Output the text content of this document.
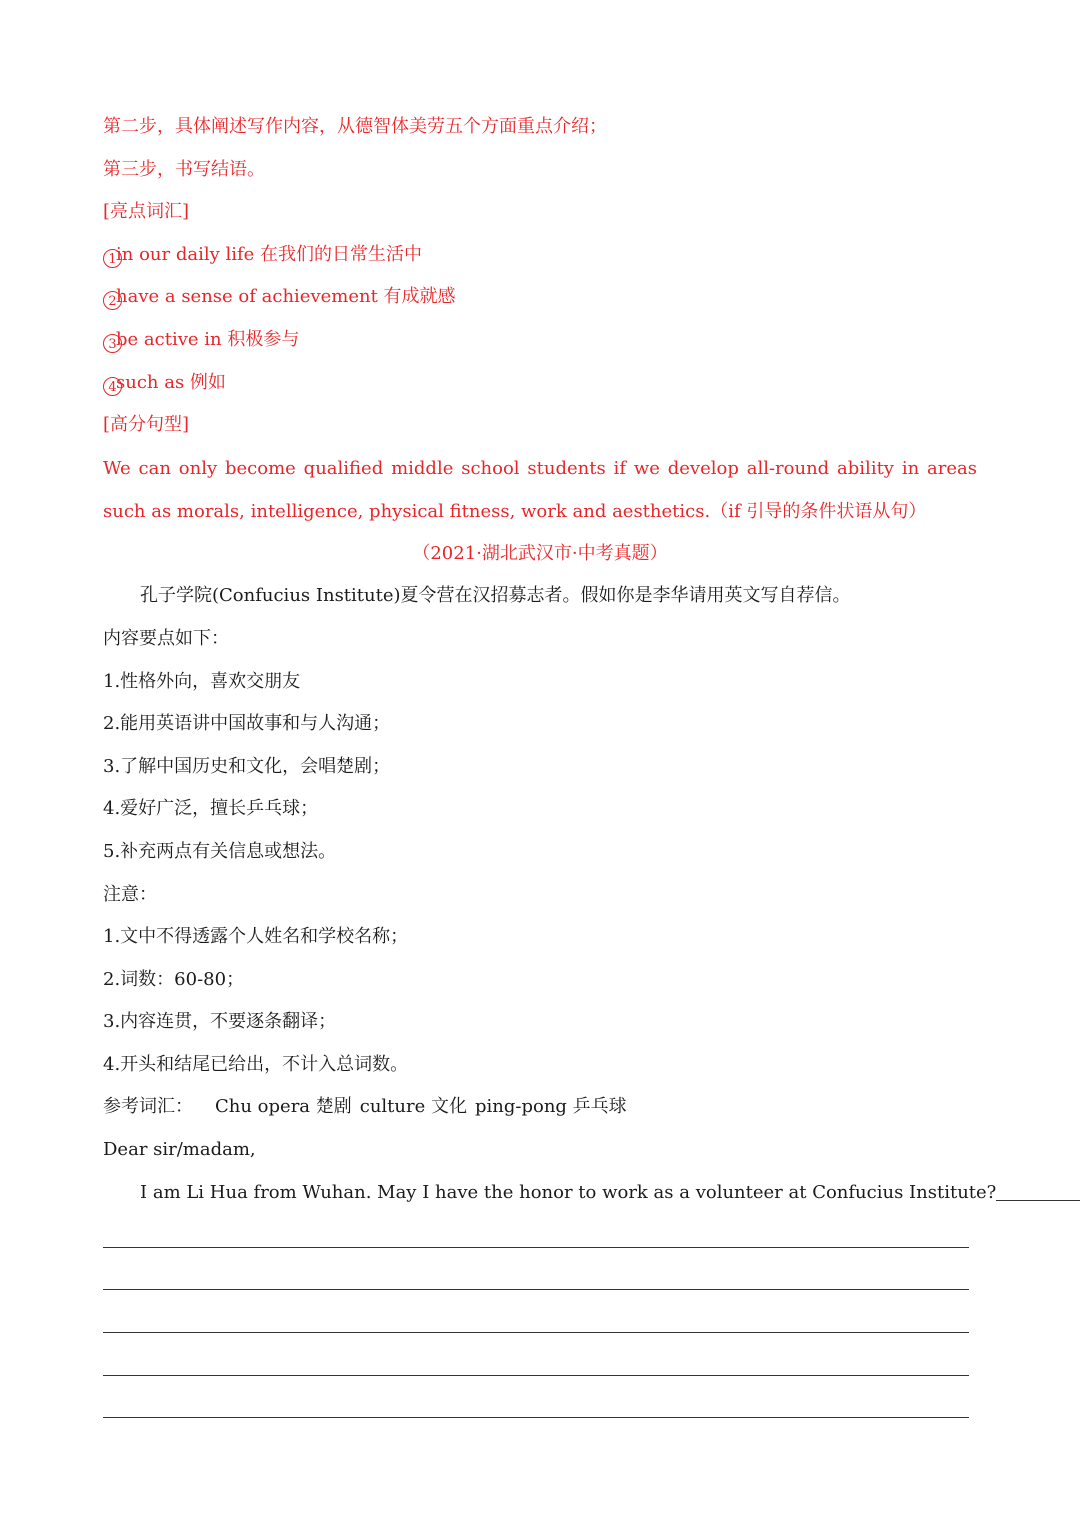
第二步，具体阐述写作内容，从德智体美劳五个方面重点介绍；
第三步，书写结语。
[亮点词汇]
1in our daily life 在我们的日常生活中
2have a sense of achievement 有成就感
3be active in 积极参与
4such as 例如
[高分句型]
We can only become qualified middle school students if we develop all-round ability in areas such as morals, intelligence, physical fitness, work and aesthetics.（if 引导的条件状语从句）
（2021·湖北武汉市·中考真题）
孔子学院(Confucius Institute)夏令营在汉招募志者。假如你是李华请用英文写自荐信。
内容要点如下：
1.性格外向，喜欢交朋友
2.能用英语讲中国故事和与人沟通；
3.了解中国历史和文化，会唱楚剧；
4.爱好广泛，擅长乒乓球；
5.补充两点有关信息或想法。
注意：
1.文中不得透露个人姓名和学校名称；
2.词数：60-80；
3.内容连贯，不要逐条翻译；
4.开头和结尾已给出，不计入总词数。
参考词汇： Chu opera 楚剧 culture 文化 ping-pong 乒乓球
Dear sir/madam,
I am Li Hua from Wuhan. May I have the honor to work as a volunteer at Confucius Institute?
